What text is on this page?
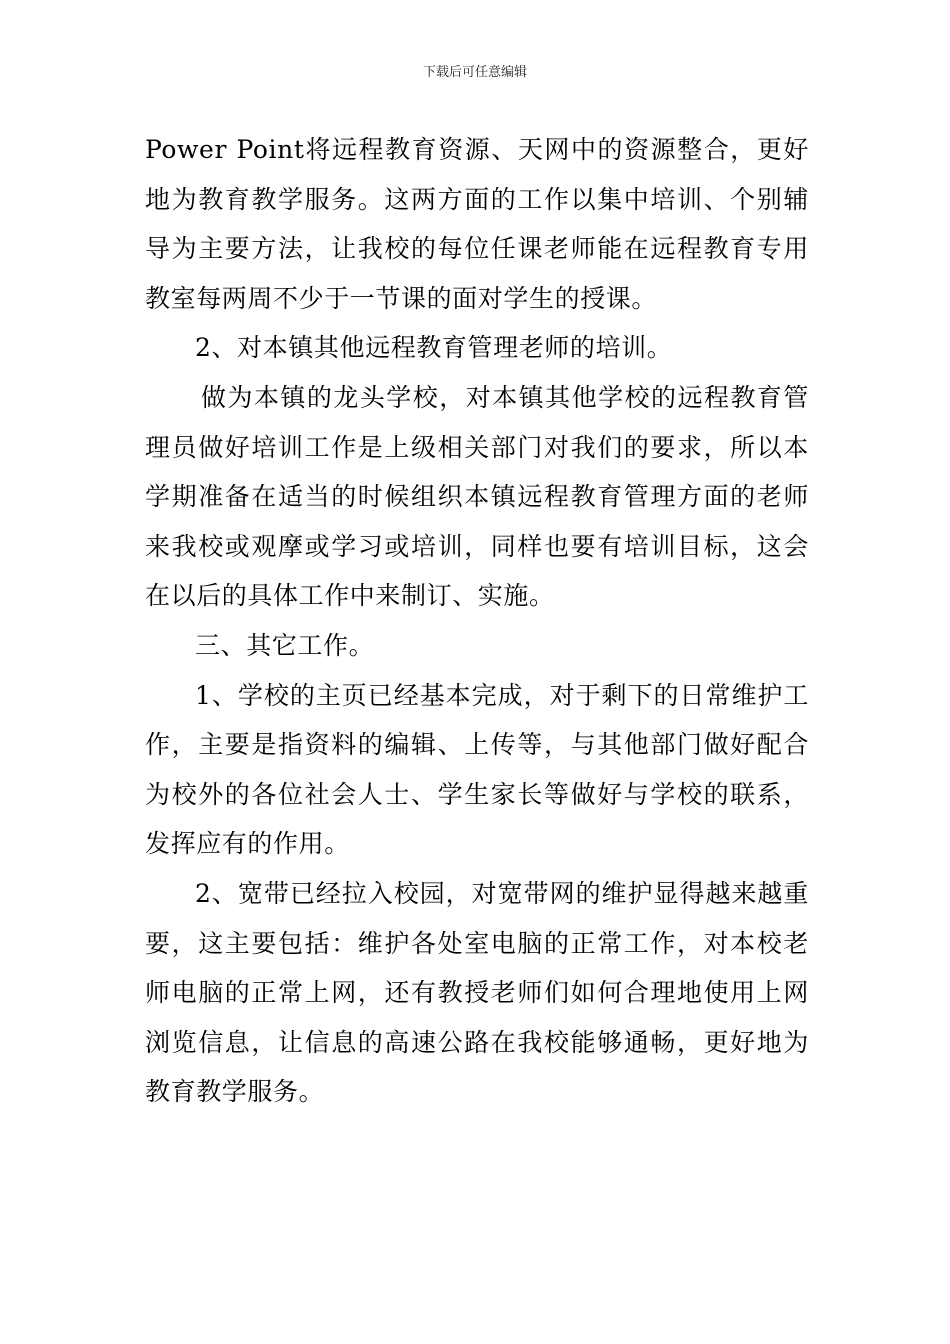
下载后可任意编辑

Power Point将远程教育资源、天网中的资源整合，更好地为教育教学服务。这两方面的工作以集中培训、个别辅导为主要方法，让我校的每位任课老师能在远程教育专用教室每两周不少于一节课的面对学生的授课。

2、对本镇其他远程教育管理老师的培训。

做为本镇的龙头学校，对本镇其他学校的远程教育管理员做好培训工作是上级相关部门对我们的要求，所以本学期准备在适当的时候组织本镇远程教育管理方面的老师来我校或观摩或学习或培训，同样也要有培训目标，这会在以后的具体工作中来制订、实施。

三、其它工作。

1、学校的主页已经基本完成，对于剩下的日常维护工作，主要是指资料的编辑、上传等，与其他部门做好配合为校外的各位社会人士、学生家长等做好与学校的联系，发挥应有的作用。

2、宽带已经拉入校园，对宽带网的维护显得越来越重要，这主要包括：维护各处室电脑的正常工作，对本校老师电脑的正常上网，还有教授老师们如何合理地使用上网浏览信息，让信息的高速公路在我校能够通畅，更好地为教育教学服务。
